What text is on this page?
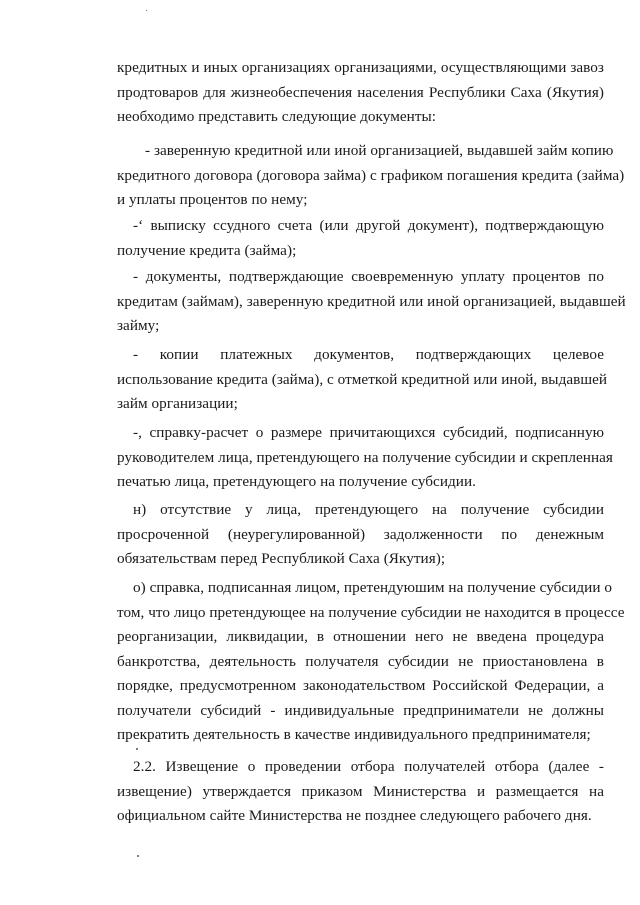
кредитных и иных организациях организациями, осуществляющими завоз
продтоваров для жизнеобеспечения населения Республики Саха (Якутия)
необходимо представить следующие документы:
- заверенную кредитной или иной организацией, выдавшей займ копию
кредитного договора (договора займа) с графиком погашения кредита (займа)
и уплаты процентов по нему;
-‘ выписку ссудного счета (или другой документ), подтверждающую
получение кредита (займа);
- документы, подтверждающие своевременную уплату процентов по
кредитам (займам), заверенную кредитной или иной организацией, выдавшей
займу;
- копии платежных документов, подтверждающих целевое
использование кредита (займа), с отметкой кредитной или иной, выдавшей
займ организации;
-, справку-расчет о размере причитающихся субсидий, подписанную
руководителем лица, претендующего на получение субсидии и скрепленная
печатью лица, претендующего на получение субсидии.
н) отсутствие у лица, претендующего на получение субсидии
просроченной (неурегулированной) задолженности по денежным
обязательствам перед Республикой Саха (Якутия);
о) справка, подписанная лицом, претендуюшим на получение субсидии о
том, что лицо претендующее на получение субсидии не находится в процессе
реорганизации, ликвидации, в отношении него не введена процедура
банкротства, деятельность получателя субсидии не приостановлена в
порядке, предусмотренном законодательством Российской Федерации, а
получатели субсидий - индивидуальные предприниматели не должны
прекратить деятельность в качестве индивидуального предпринимателя;
2.2. Извещение о проведении отбора получателей отбора (далее -
извещение) утверждается приказом Министерства и размещается на
официальном сайте Министерства не позднее следующего рабочего дня.
